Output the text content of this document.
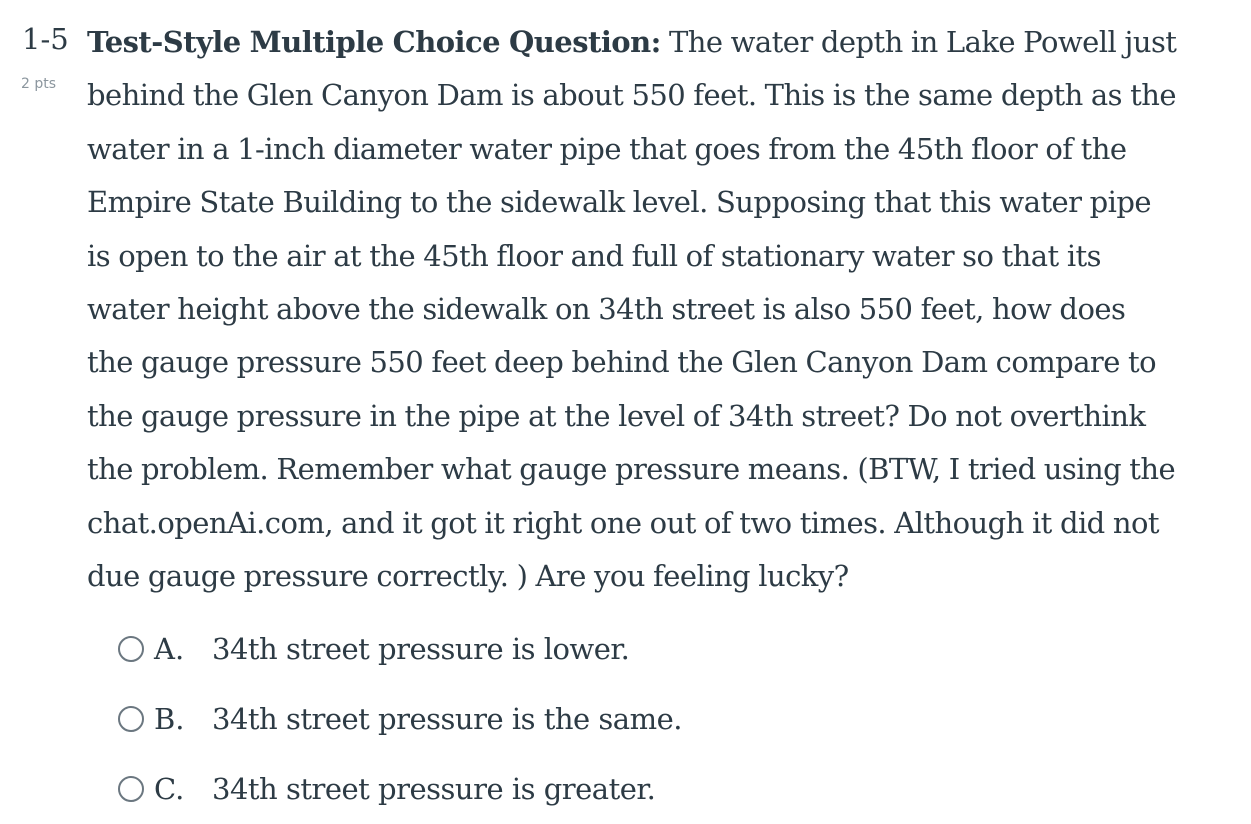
1-5
2 pts
Test-Style Multiple Choice Question: The water depth in Lake Powell just behind the Glen Canyon Dam is about 550 feet. This is the same depth as the water in a 1-inch diameter water pipe that goes from the 45th floor of the Empire State Building to the sidewalk level. Supposing that this water pipe is open to the air at the 45th floor and full of stationary water so that its water height above the sidewalk on 34th street is also 550 feet, how does the gauge pressure 550 feet deep behind the Glen Canyon Dam compare to the gauge pressure in the pipe at the level of 34th street? Do not overthink the problem. Remember what gauge pressure means. (BTW, I tried using the chat.openAi.com, and it got it right one out of two times. Although it did not due gauge pressure correctly. ) Are you feeling lucky?
A. 34th street pressure is lower.
B. 34th street pressure is the same.
C. 34th street pressure is greater.
